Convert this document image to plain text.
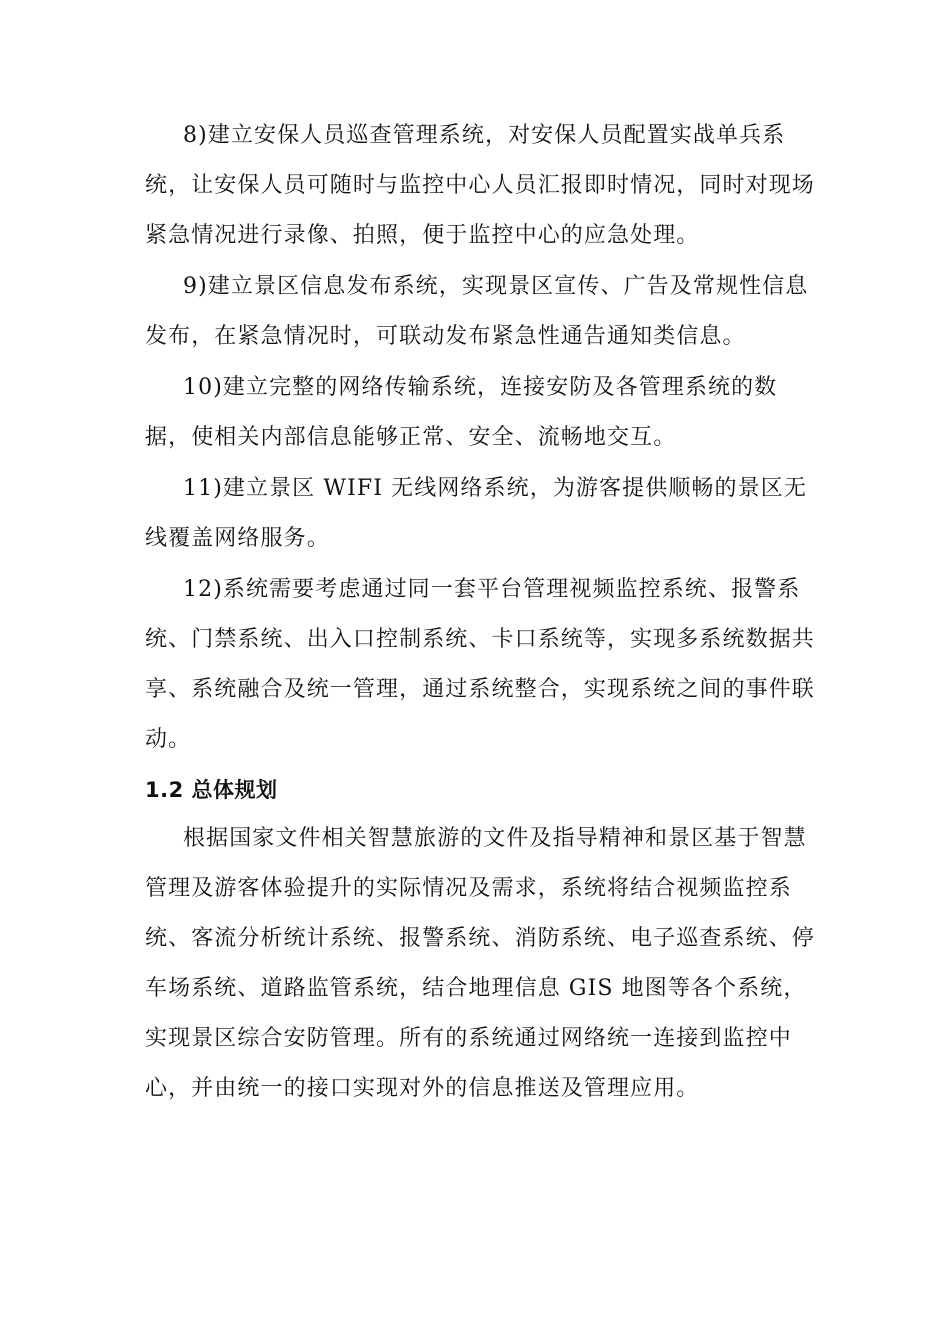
8)建立安保人员巡查管理系统，对安保人员配置实战单兵系统，让安保人员可随时与监控中心人员汇报即时情况，同时对现场紧急情况进行录像、拍照，便于监控中心的应急处理。

9)建立景区信息发布系统，实现景区宣传、广告及常规性信息发布，在紧急情况时，可联动发布紧急性通告通知类信息。

10)建立完整的网络传输系统，连接安防及各管理系统的数据，使相关内部信息能够正常、安全、流畅地交互。

11)建立景区 WIFI 无线网络系统，为游客提供顺畅的景区无线覆盖网络服务。

12)系统需要考虑通过同一套平台管理视频监控系统、报警系统、门禁系统、出入口控制系统、卡口系统等，实现多系统数据共享、系统融合及统一管理，通过系统整合，实现系统之间的事件联动。

1.2 总体规划

根据国家文件相关智慧旅游的文件及指导精神和景区基于智慧管理及游客体验提升的实际情况及需求，系统将结合视频监控系统、客流分析统计系统、报警系统、消防系统、电子巡查系统、停车场系统、道路监管系统，结合地理信息 GIS 地图等各个系统，实现景区综合安防管理。所有的系统通过网络统一连接到监控中心，并由统一的接口实现对外的信息推送及管理应用。
